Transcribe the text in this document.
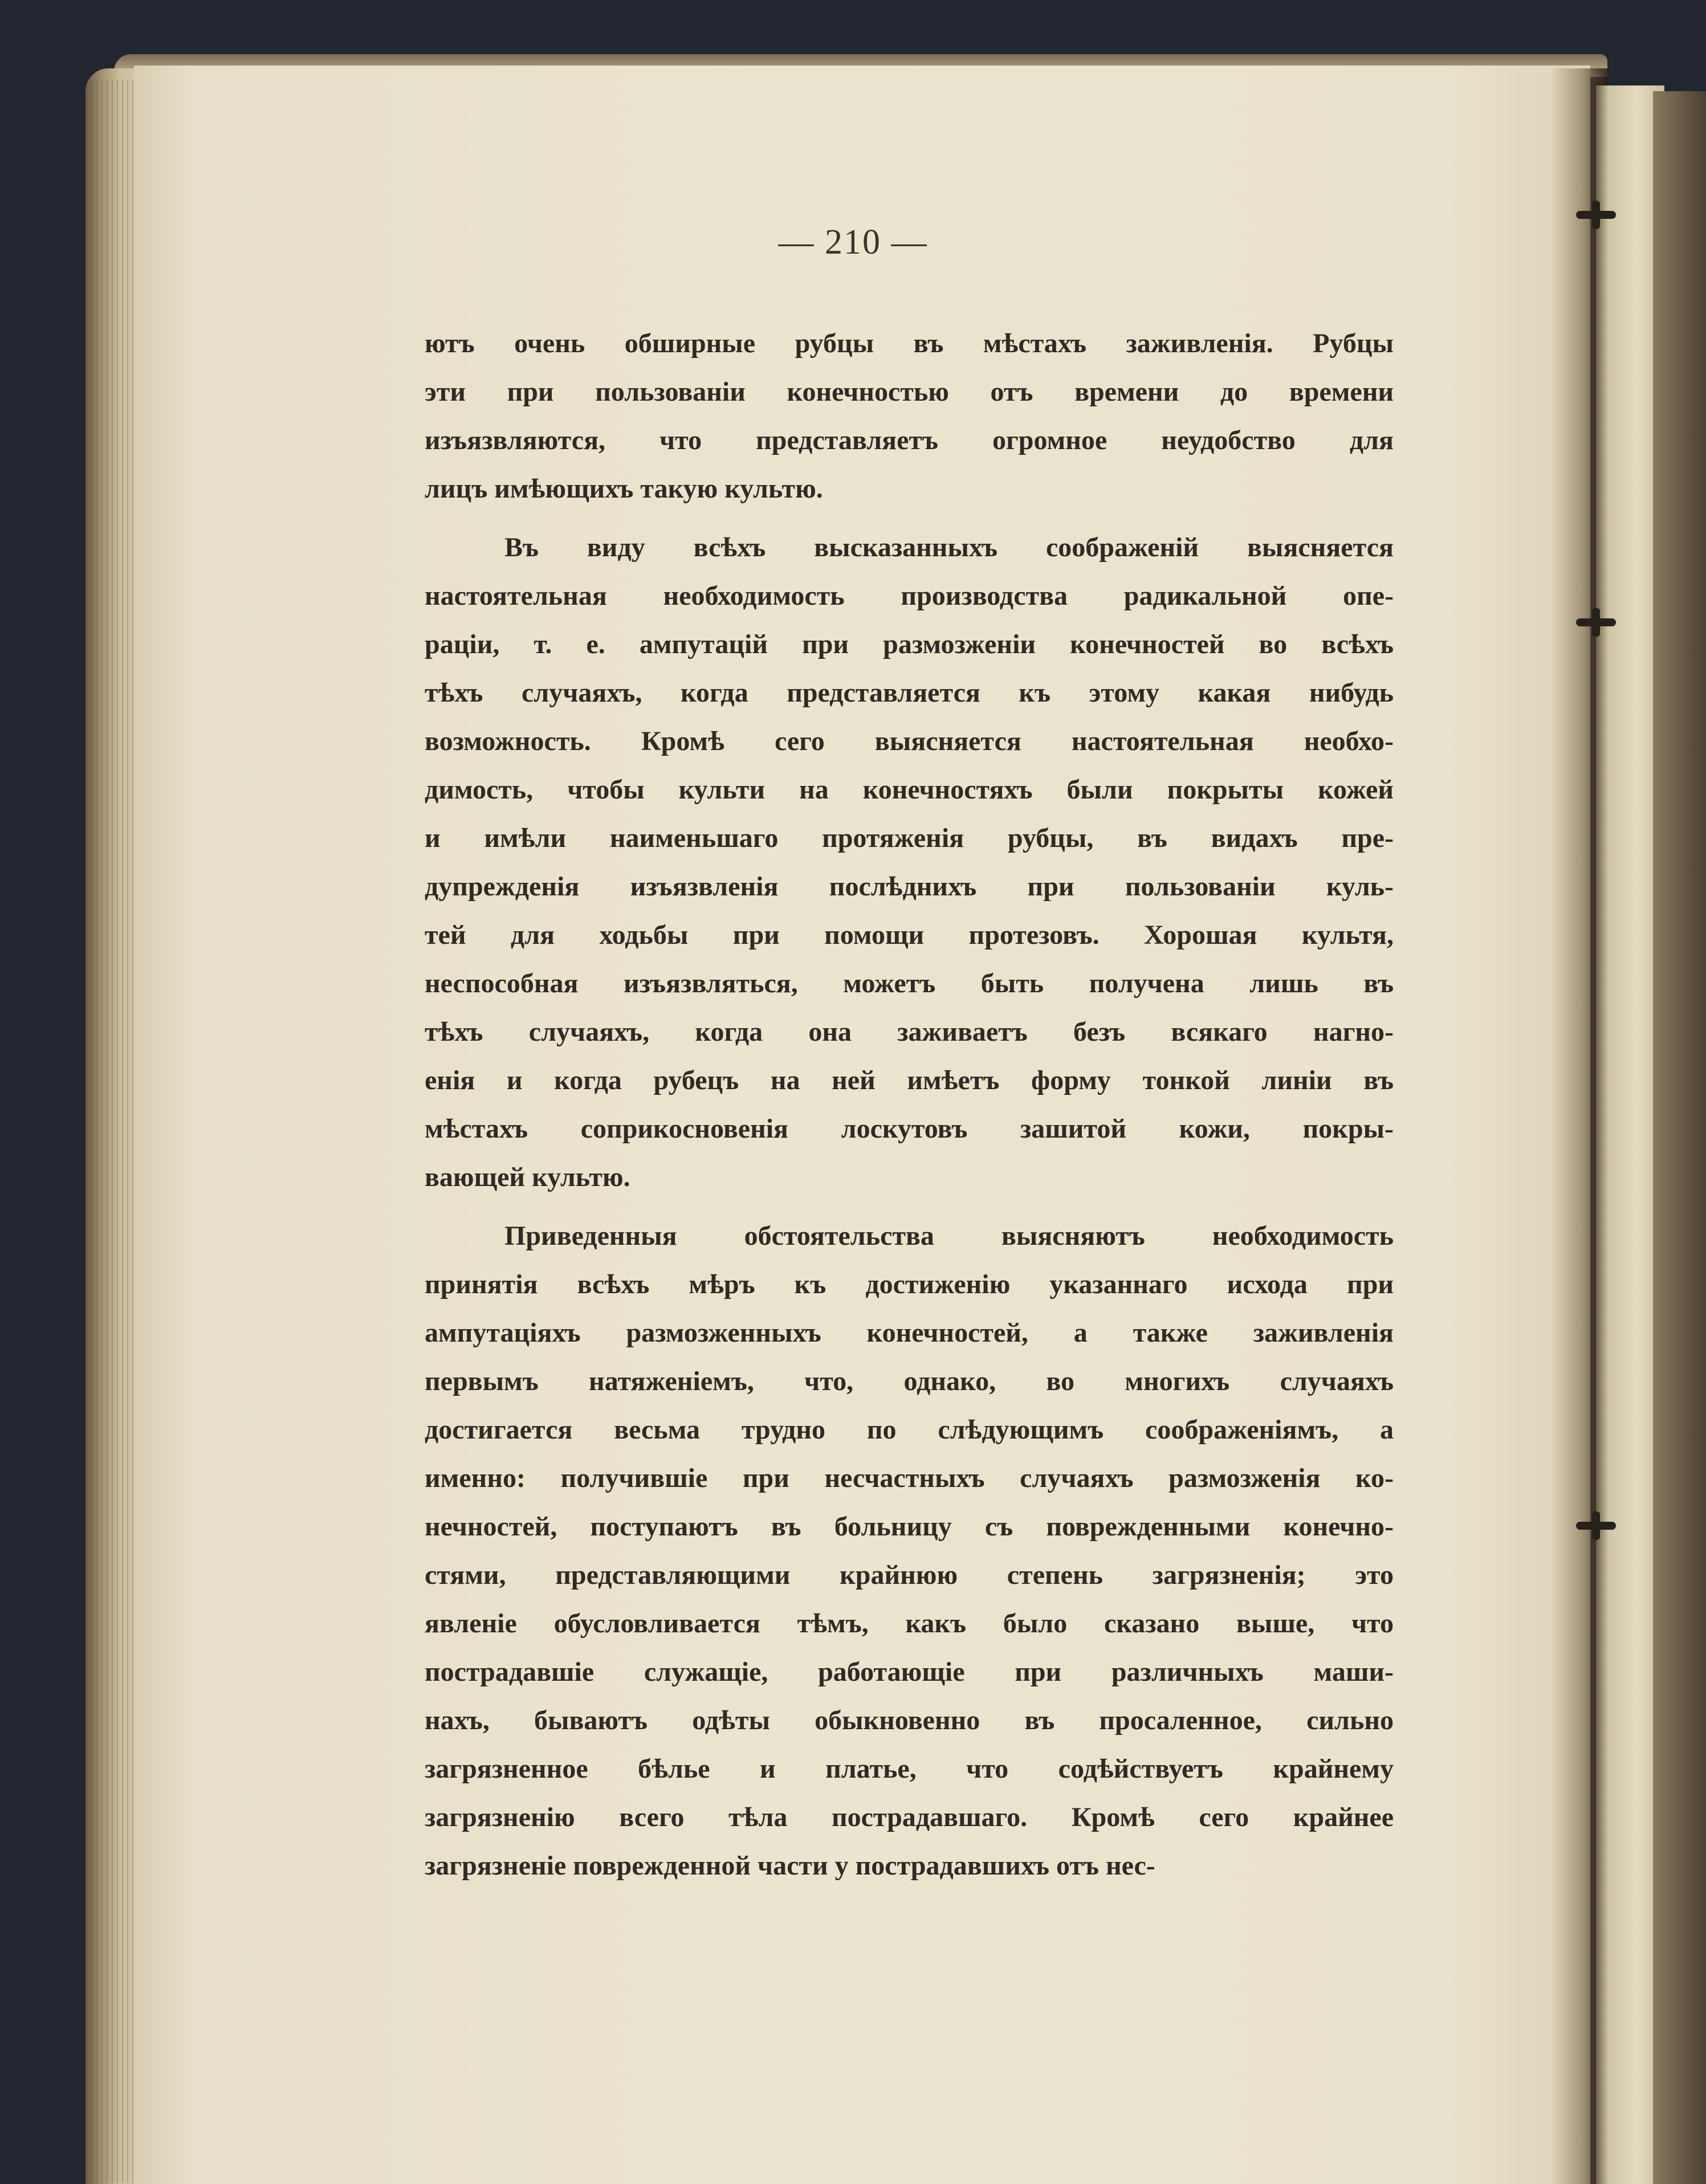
— 210 —
ютъ очень обширные рубцы въ мѣстахъ заживленія. Рубцы
эти при пользованіи конечностью отъ времени до времени
изъязвляются, что представляетъ огромное неудобство для
лицъ имѣющихъ такую культю.
Въ виду всѣхъ высказанныхъ соображеній выясняется
настоятельная необходимость производства радикальной опе-
раціи, т. е. ампутацій при размозженіи конечностей во всѣхъ
тѣхъ случаяхъ, когда представляется къ этому какая нибудь
возможность. Кромѣ сего выясняется настоятельная необхо-
димость, чтобы культи на конечностяхъ были покрыты кожей
и имѣли наименьшаго протяженія рубцы, въ видахъ пре-
дупрежденія изъязвленія послѣднихъ при пользованіи куль-
тей для ходьбы при помощи протезовъ. Хорошая культя,
неспособная изъязвляться, можетъ быть получена лишь въ
тѣхъ случаяхъ, когда она заживаетъ безъ всякаго нагно-
енія и когда рубецъ на ней имѣетъ форму тонкой линіи въ
мѣстахъ соприкосновенія лоскутовъ зашитой кожи, покры-
вающей культю.
Приведенныя обстоятельства выясняютъ необходимость
принятія всѣхъ мѣръ къ достиженію указаннаго исхода при
ампутаціяхъ размозженныхъ конечностей, а также заживленія
первымъ натяженіемъ, что, однако, во многихъ случаяхъ
достигается весьма трудно по слѣдующимъ соображеніямъ, а
именно: получившіе при несчастныхъ случаяхъ размозженія ко-
нечностей, поступаютъ въ больницу съ поврежденными конечно-
стями, представляющими крайнюю степень загрязненія; это
явленіе обусловливается тѣмъ, какъ было сказано выше, что
пострадавшіе служащіе, работающіе при различныхъ маши-
нахъ, бываютъ одѣты обыкновенно въ просаленное, сильно
загрязненное бѣлье и платье, что содѣйствуетъ крайнему
загрязненію всего тѣла пострадавшаго. Кромѣ сего крайнее
загрязненіе поврежденной части у пострадавшихъ отъ нес-
